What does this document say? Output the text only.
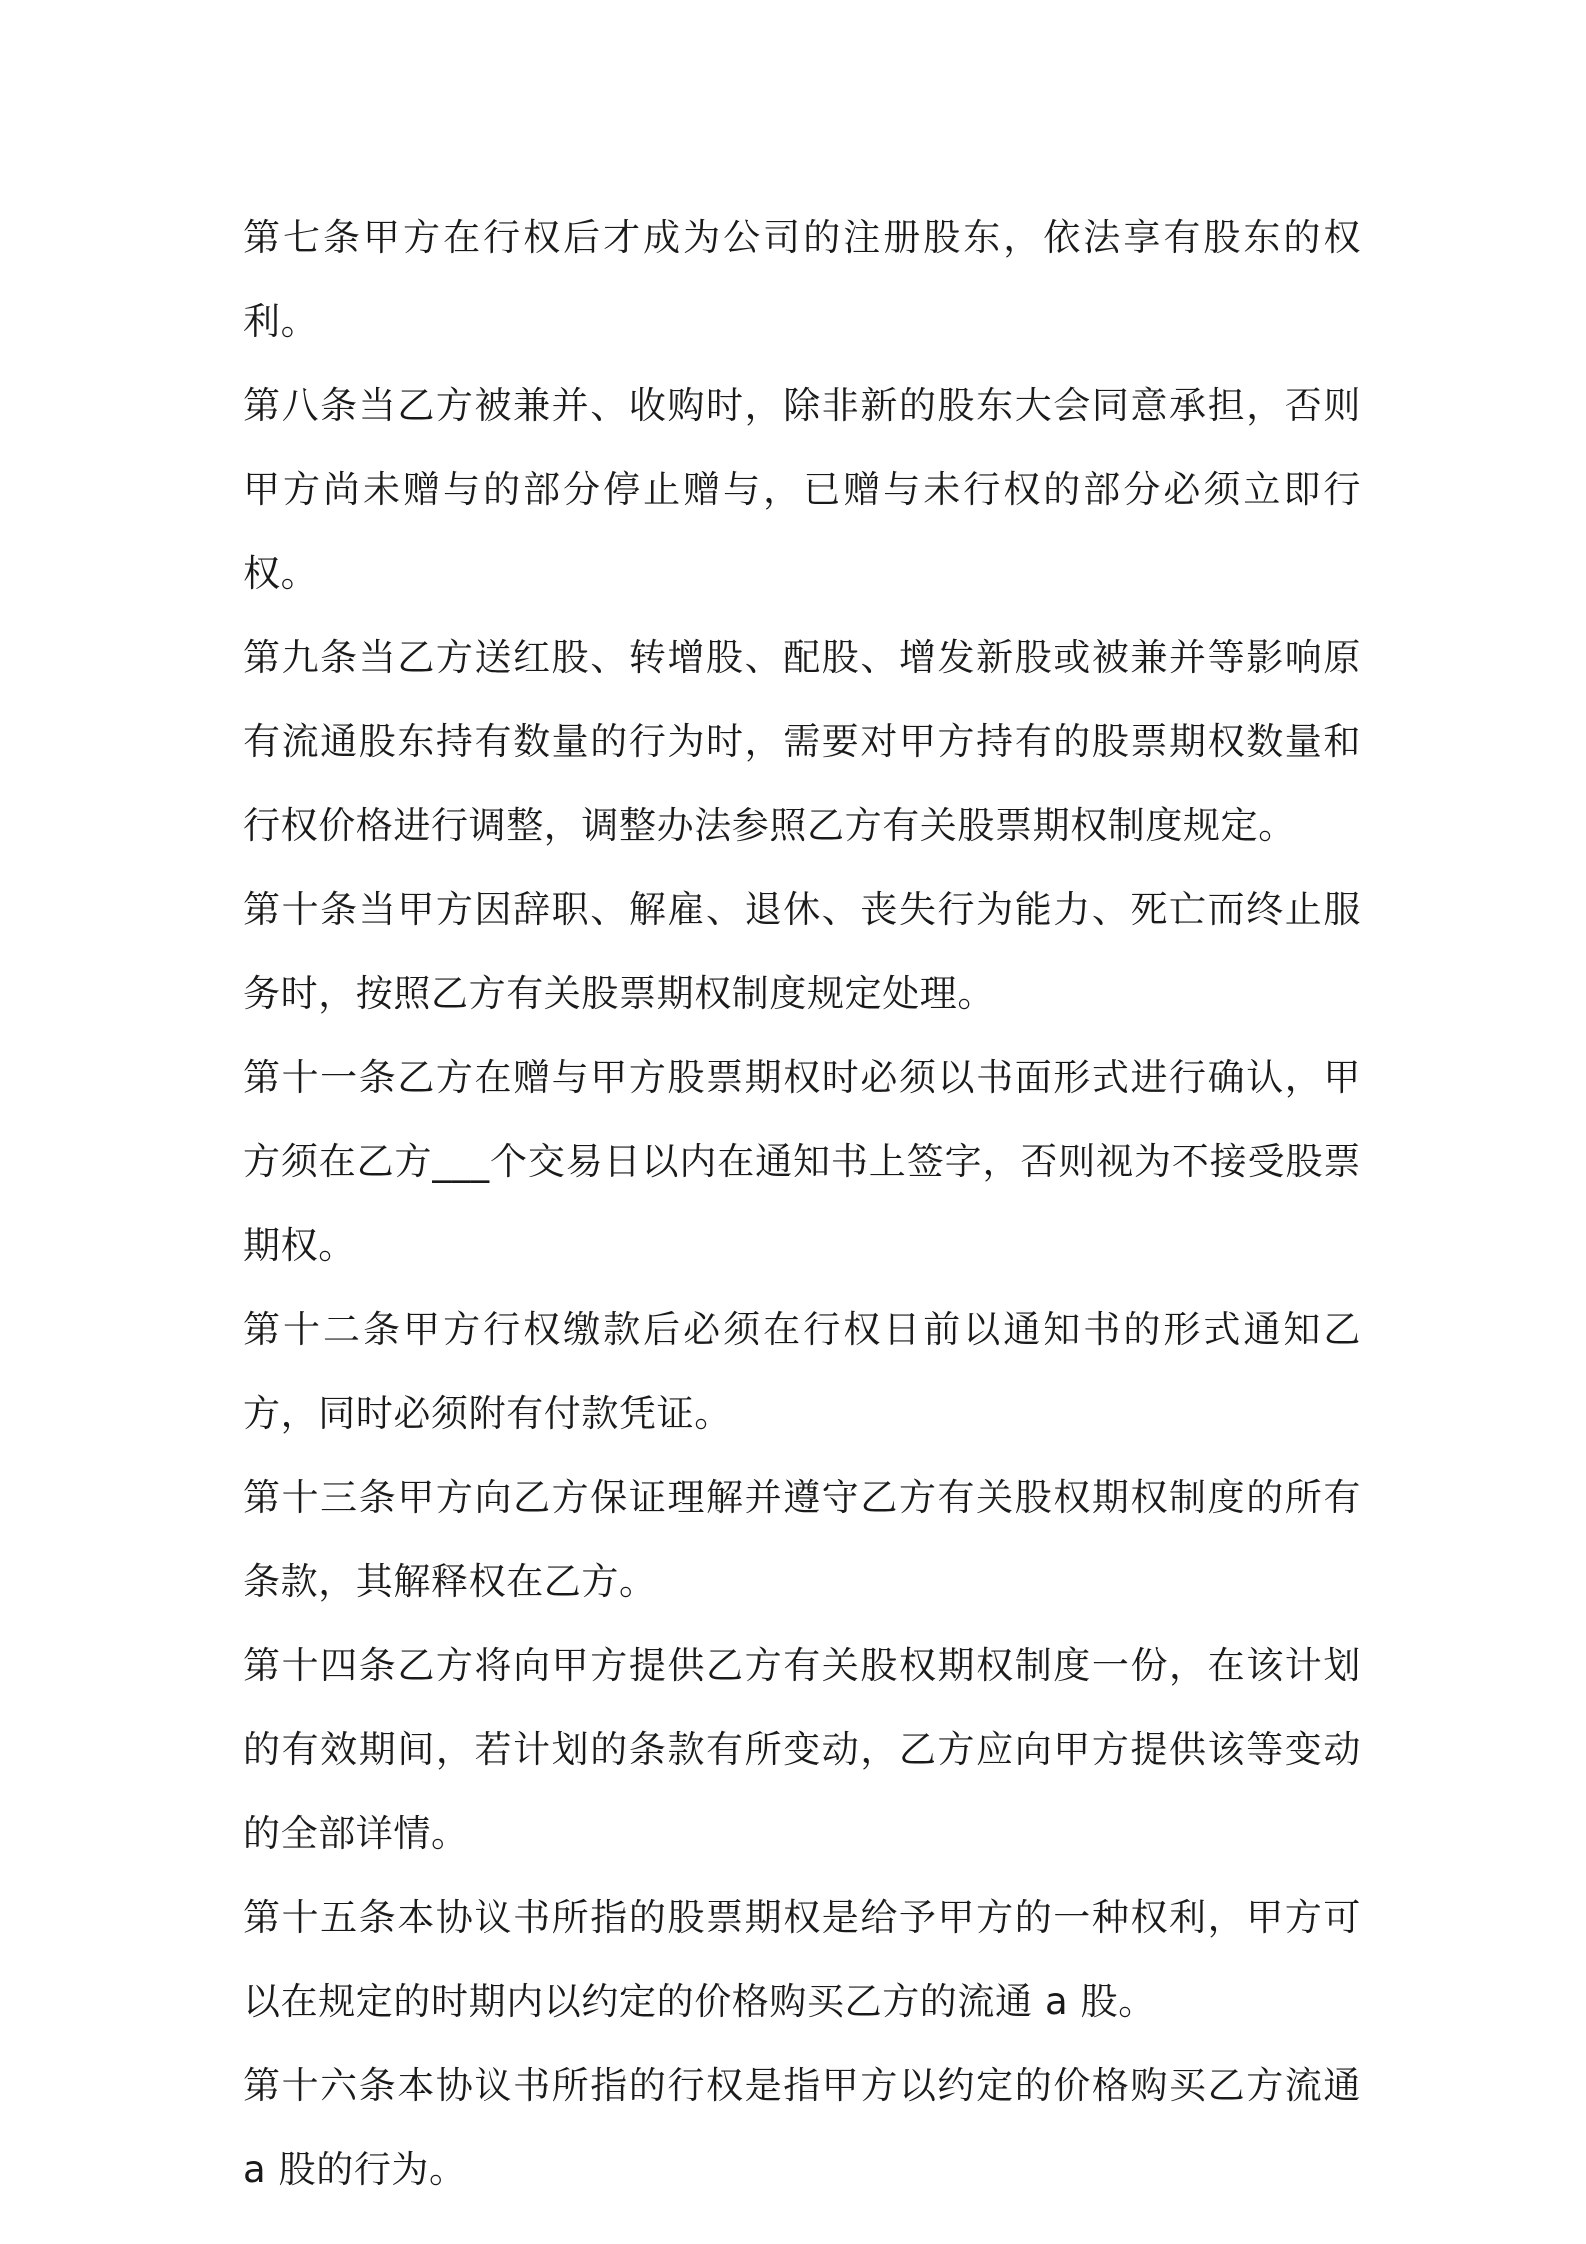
第七条甲方在行权后才成为公司的注册股东，依法享有股东的权利。

第八条当乙方被兼并、收购时，除非新的股东大会同意承担，否则甲方尚未赠与的部分停止赠与，已赠与未行权的部分必须立即行权。

第九条当乙方送红股、转增股、配股、增发新股或被兼并等影响原有流通股东持有数量的行为时，需要对甲方持有的股票期权数量和行权价格进行调整，调整办法参照乙方有关股票期权制度规定。

第十条当甲方因辞职、解雇、退休、丧失行为能力、死亡而终止服务时，按照乙方有关股票期权制度规定处理。

第十一条乙方在赠与甲方股票期权时必须以书面形式进行确认，甲方须在乙方___个交易日以内在通知书上签字，否则视为不接受股票期权。

第十二条甲方行权缴款后必须在行权日前以通知书的形式通知乙方，同时必须附有付款凭证。

第十三条甲方向乙方保证理解并遵守乙方有关股权期权制度的所有条款，其解释权在乙方。

第十四条乙方将向甲方提供乙方有关股权期权制度一份，在该计划的有效期间，若计划的条款有所变动，乙方应向甲方提供该等变动的全部详情。

第十五条本协议书所指的股票期权是给予甲方的一种权利，甲方可以在规定的时期内以约定的价格购买乙方的流通 a 股。

第十六条本协议书所指的行权是指甲方以约定的价格购买乙方流通 a 股的行为。
